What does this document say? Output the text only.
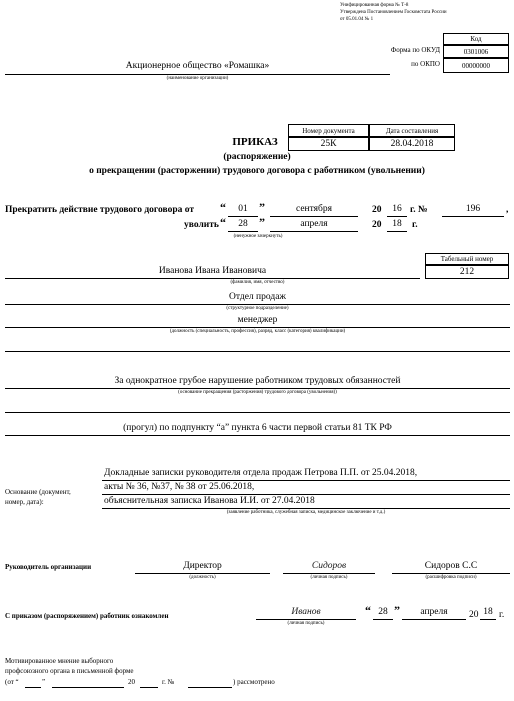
Унифицированная форма № Т-8
Утверждена Постановлением Госкомстата России
от 05.01.04 № 1
Код
0301006
00000000
Форма по ОКУД
по ОКПО
Акционерное общество «Ромашка»
(наименование организации)
Номер документа	Дата составления
25К	28.04.2018
ПРИКАЗ
(распоряжение)
о прекращении (расторжении) трудового договора с работником (увольнении)
Прекратить действие трудового договора от “	01 ”	сентября	20	16 г. №	196	,
уволить “	28 ”	апреля	20	18	г.
(ненужное зачеркнуть)
Табельный номер
212
Иванова Ивана Ивановича
(фамилия, имя, отчество)
Отдел продаж
(структурное подразделение)
менеджер
(должность (специальность, профессия), разряд, класс (категория) квалификации)
За однократное грубое нарушение работником трудовых обязанностей
(основание прекращения (расторжения) трудового договора (увольнения))
(прогул) по подпункту “а” пункта 6 части первой статьи 81 ТК РФ
Основание (документ,
номер, дата):
Докладные записки руководителя отдела продаж Петрова П.П. от 25.04.2018,
акты № 36, №37, № 38 от 25.06.2018,
объяснительная записка Иванова И.И. от 27.04.2018
(заявление работника, служебная записка, медицинское заключение и т.д.)
Руководитель организации	Директор
(должность)
Сидоров
(личная подпись)
Сидоров С.С
(расшифровка подписи)
С приказом (распоряжением) работник ознакомлен	Иванов
(личная подпись)
“ 28 ”	апреля	20 18 г.
Мотивированное мнение выборного
профсоюзного органа в письменной форме
(от “	”	20	г. №	) рассмотрено
